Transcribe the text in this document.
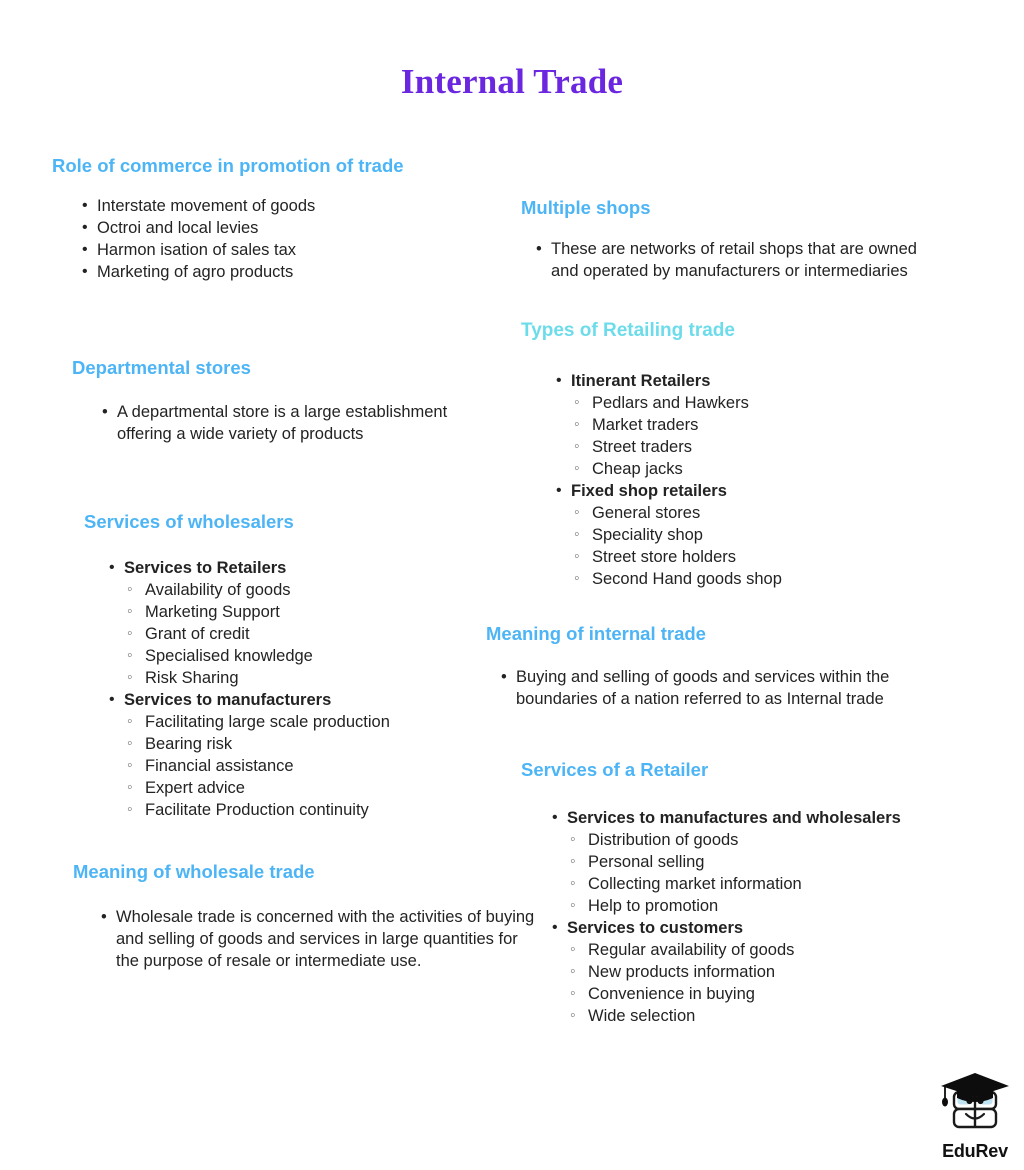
Internal Trade
Role of commerce in promotion of trade
• Interstate movement of goods
• Octroi and local levies
• Harmon isation of sales tax
• Marketing of agro products
Departmental stores
• A departmental store is a large establishment offering a wide variety of products
Services of wholesalers
• Services to Retailers
◦ Availability of goods
◦ Marketing Support
◦ Grant of credit
◦ Specialised knowledge
◦ Risk Sharing
• Services to manufacturers
◦ Facilitating large scale production
◦ Bearing risk
◦ Financial assistance
◦ Expert advice
◦ Facilitate Production continuity
Meaning of wholesale trade
• Wholesale trade is concerned with the activities of buying and selling of goods and services in large quantities for the purpose of resale or intermediate use.
Multiple shops
• These are networks of retail shops that are owned and operated by manufacturers or intermediaries
Types of Retailing trade
• Itinerant Retailers
◦ Pedlars and Hawkers
◦ Market traders
◦ Street traders
◦ Cheap jacks
• Fixed shop retailers
◦ General stores
◦ Speciality shop
◦ Street store holders
◦ Second Hand goods shop
Meaning of internal trade
• Buying and selling of goods and services within the boundaries of a nation referred to as Internal trade
Services of a Retailer
• Services to manufactures and wholesalers
◦ Distribution of goods
◦ Personal selling
◦ Collecting market information
◦ Help to promotion
• Services to customers
◦ Regular availability of goods
◦ New products information
◦ Convenience in buying
◦ Wide selection
EduRev
